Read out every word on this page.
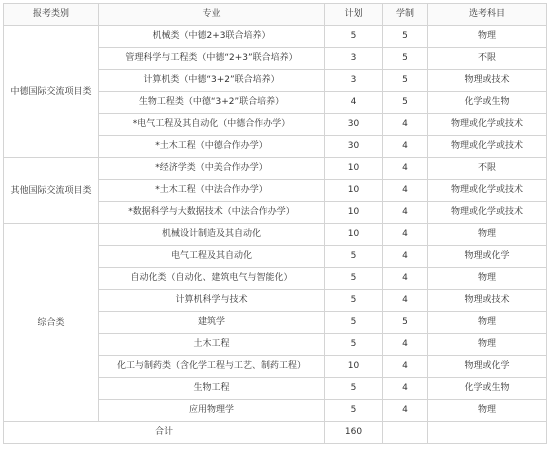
报考类别	专业	计划	学制	选考科目
中德国际交流项目类	机械类（中德2+3联合培养）	5	5	物理
	管理科学与工程类（中德“2+3”联合培养）	3	5	不限
	计算机类（中德“3+2”联合培养）	3	5	物理或技术
	生物工程类（中德“3+2”联合培养）	4	5	化学或生物
	*电气工程及其自动化（中德合作办学）	30	4	物理或化学或技术
	*土木工程（中德合作办学）	30	4	物理或化学或技术
其他国际交流项目类	*经济学类（中美合作办学）	10	4	不限
	*土木工程（中法合作办学）	10	4	物理或化学或技术
	*数据科学与大数据技术（中法合作办学）	10	4	物理或化学或技术
综合类	机械设计制造及其自动化	10	4	物理
	电气工程及其自动化	5	4	物理或化学
	自动化类（自动化、建筑电气与智能化）	5	4	物理
	计算机科学与技术	5	4	物理或技术
	建筑学	5	5	物理
	土木工程	5	4	物理
	化工与制药类（含化学工程与工艺、制药工程）	10	4	物理或化学
	生物工程	5	4	化学或生物
	应用物理学	5	4	物理
合计		160		
